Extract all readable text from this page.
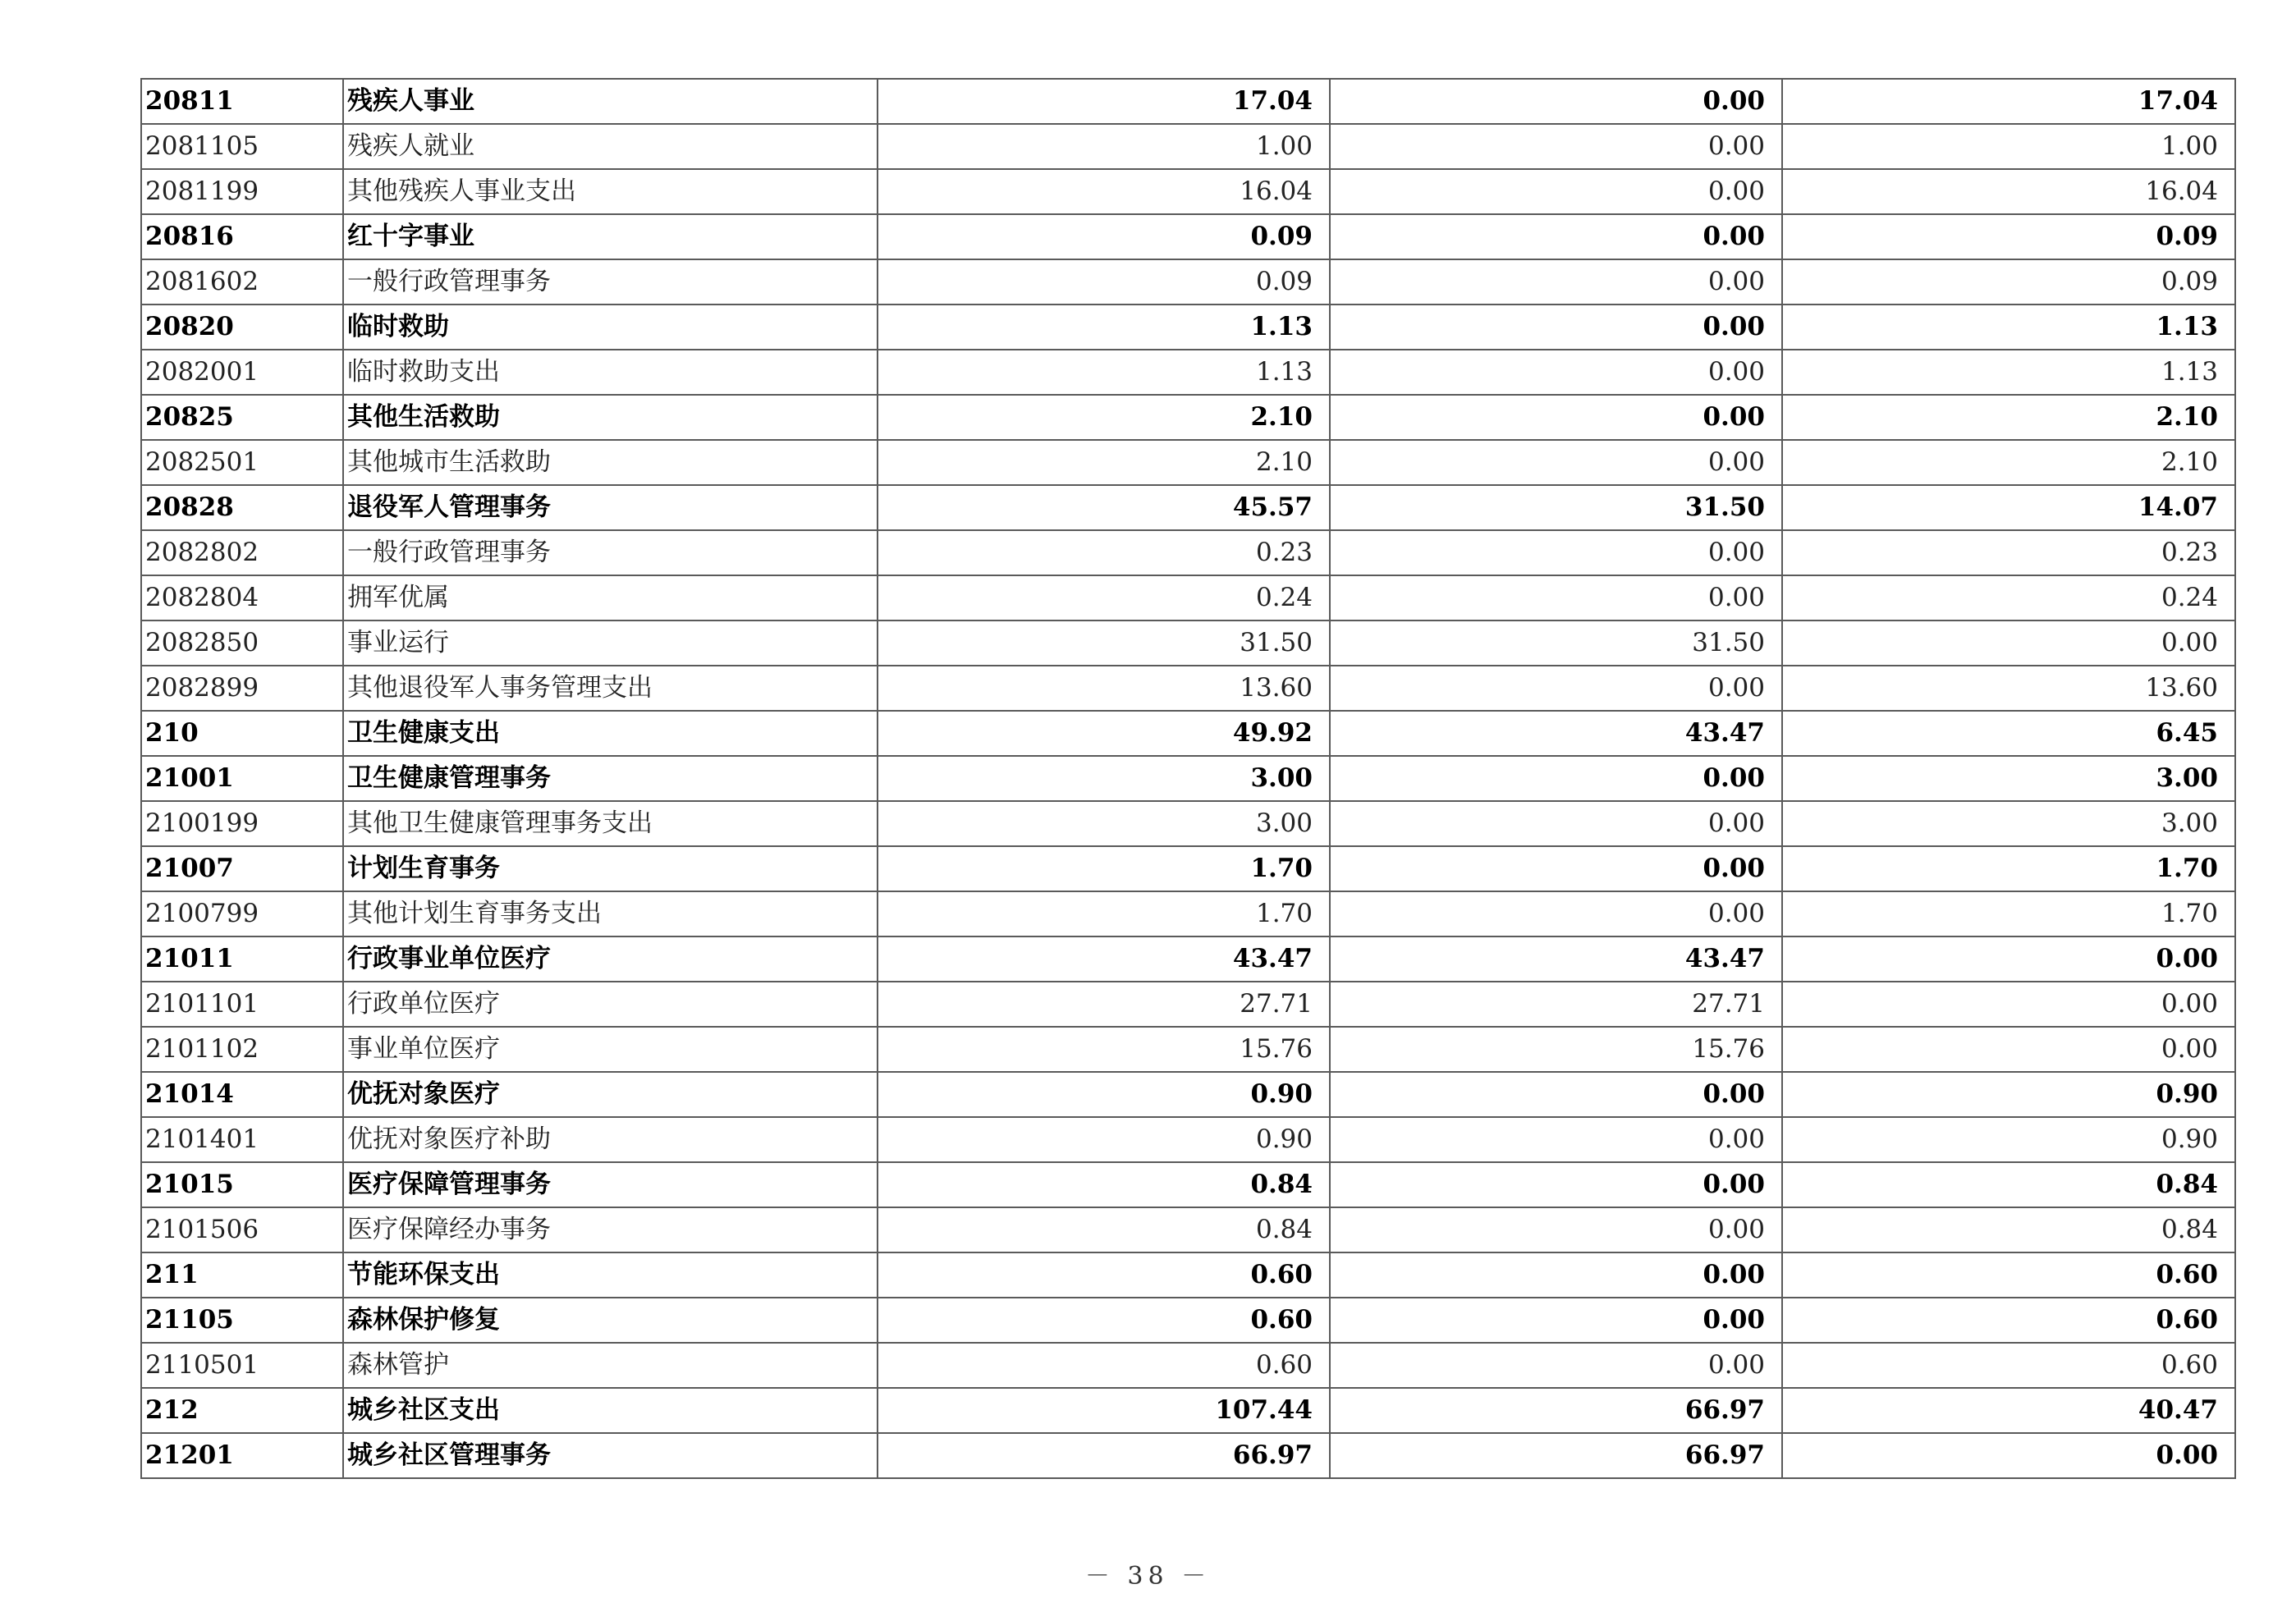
20811	残疾人事业	17.04	0.00	17.04
2081105	残疾人就业	1.00	0.00	1.00
2081199	其他残疾人事业支出	16.04	0.00	16.04
20816	红十字事业	0.09	0.00	0.09
2081602	一般行政管理事务	0.09	0.00	0.09
20820	临时救助	1.13	0.00	1.13
2082001	临时救助支出	1.13	0.00	1.13
20825	其他生活救助	2.10	0.00	2.10
2082501	其他城市生活救助	2.10	0.00	2.10
20828	退役军人管理事务	45.57	31.50	14.07
2082802	一般行政管理事务	0.23	0.00	0.23
2082804	拥军优属	0.24	0.00	0.24
2082850	事业运行	31.50	31.50	0.00
2082899	其他退役军人事务管理支出	13.60	0.00	13.60
210	卫生健康支出	49.92	43.47	6.45
21001	卫生健康管理事务	3.00	0.00	3.00
2100199	其他卫生健康管理事务支出	3.00	0.00	3.00
21007	计划生育事务	1.70	0.00	1.70
2100799	其他计划生育事务支出	1.70	0.00	1.70
21011	行政事业单位医疗	43.47	43.47	0.00
2101101	行政单位医疗	27.71	27.71	0.00
2101102	事业单位医疗	15.76	15.76	0.00
21014	优抚对象医疗	0.90	0.00	0.90
2101401	优抚对象医疗补助	0.90	0.00	0.90
21015	医疗保障管理事务	0.84	0.00	0.84
2101506	医疗保障经办事务	0.84	0.00	0.84
211	节能环保支出	0.60	0.00	0.60
21105	森林保护修复	0.60	0.00	0.60
2110501	森林管护	0.60	0.00	0.60
212	城乡社区支出	107.44	66.97	40.47
21201	城乡社区管理事务	66.97	66.97	0.00
－ 38 －
